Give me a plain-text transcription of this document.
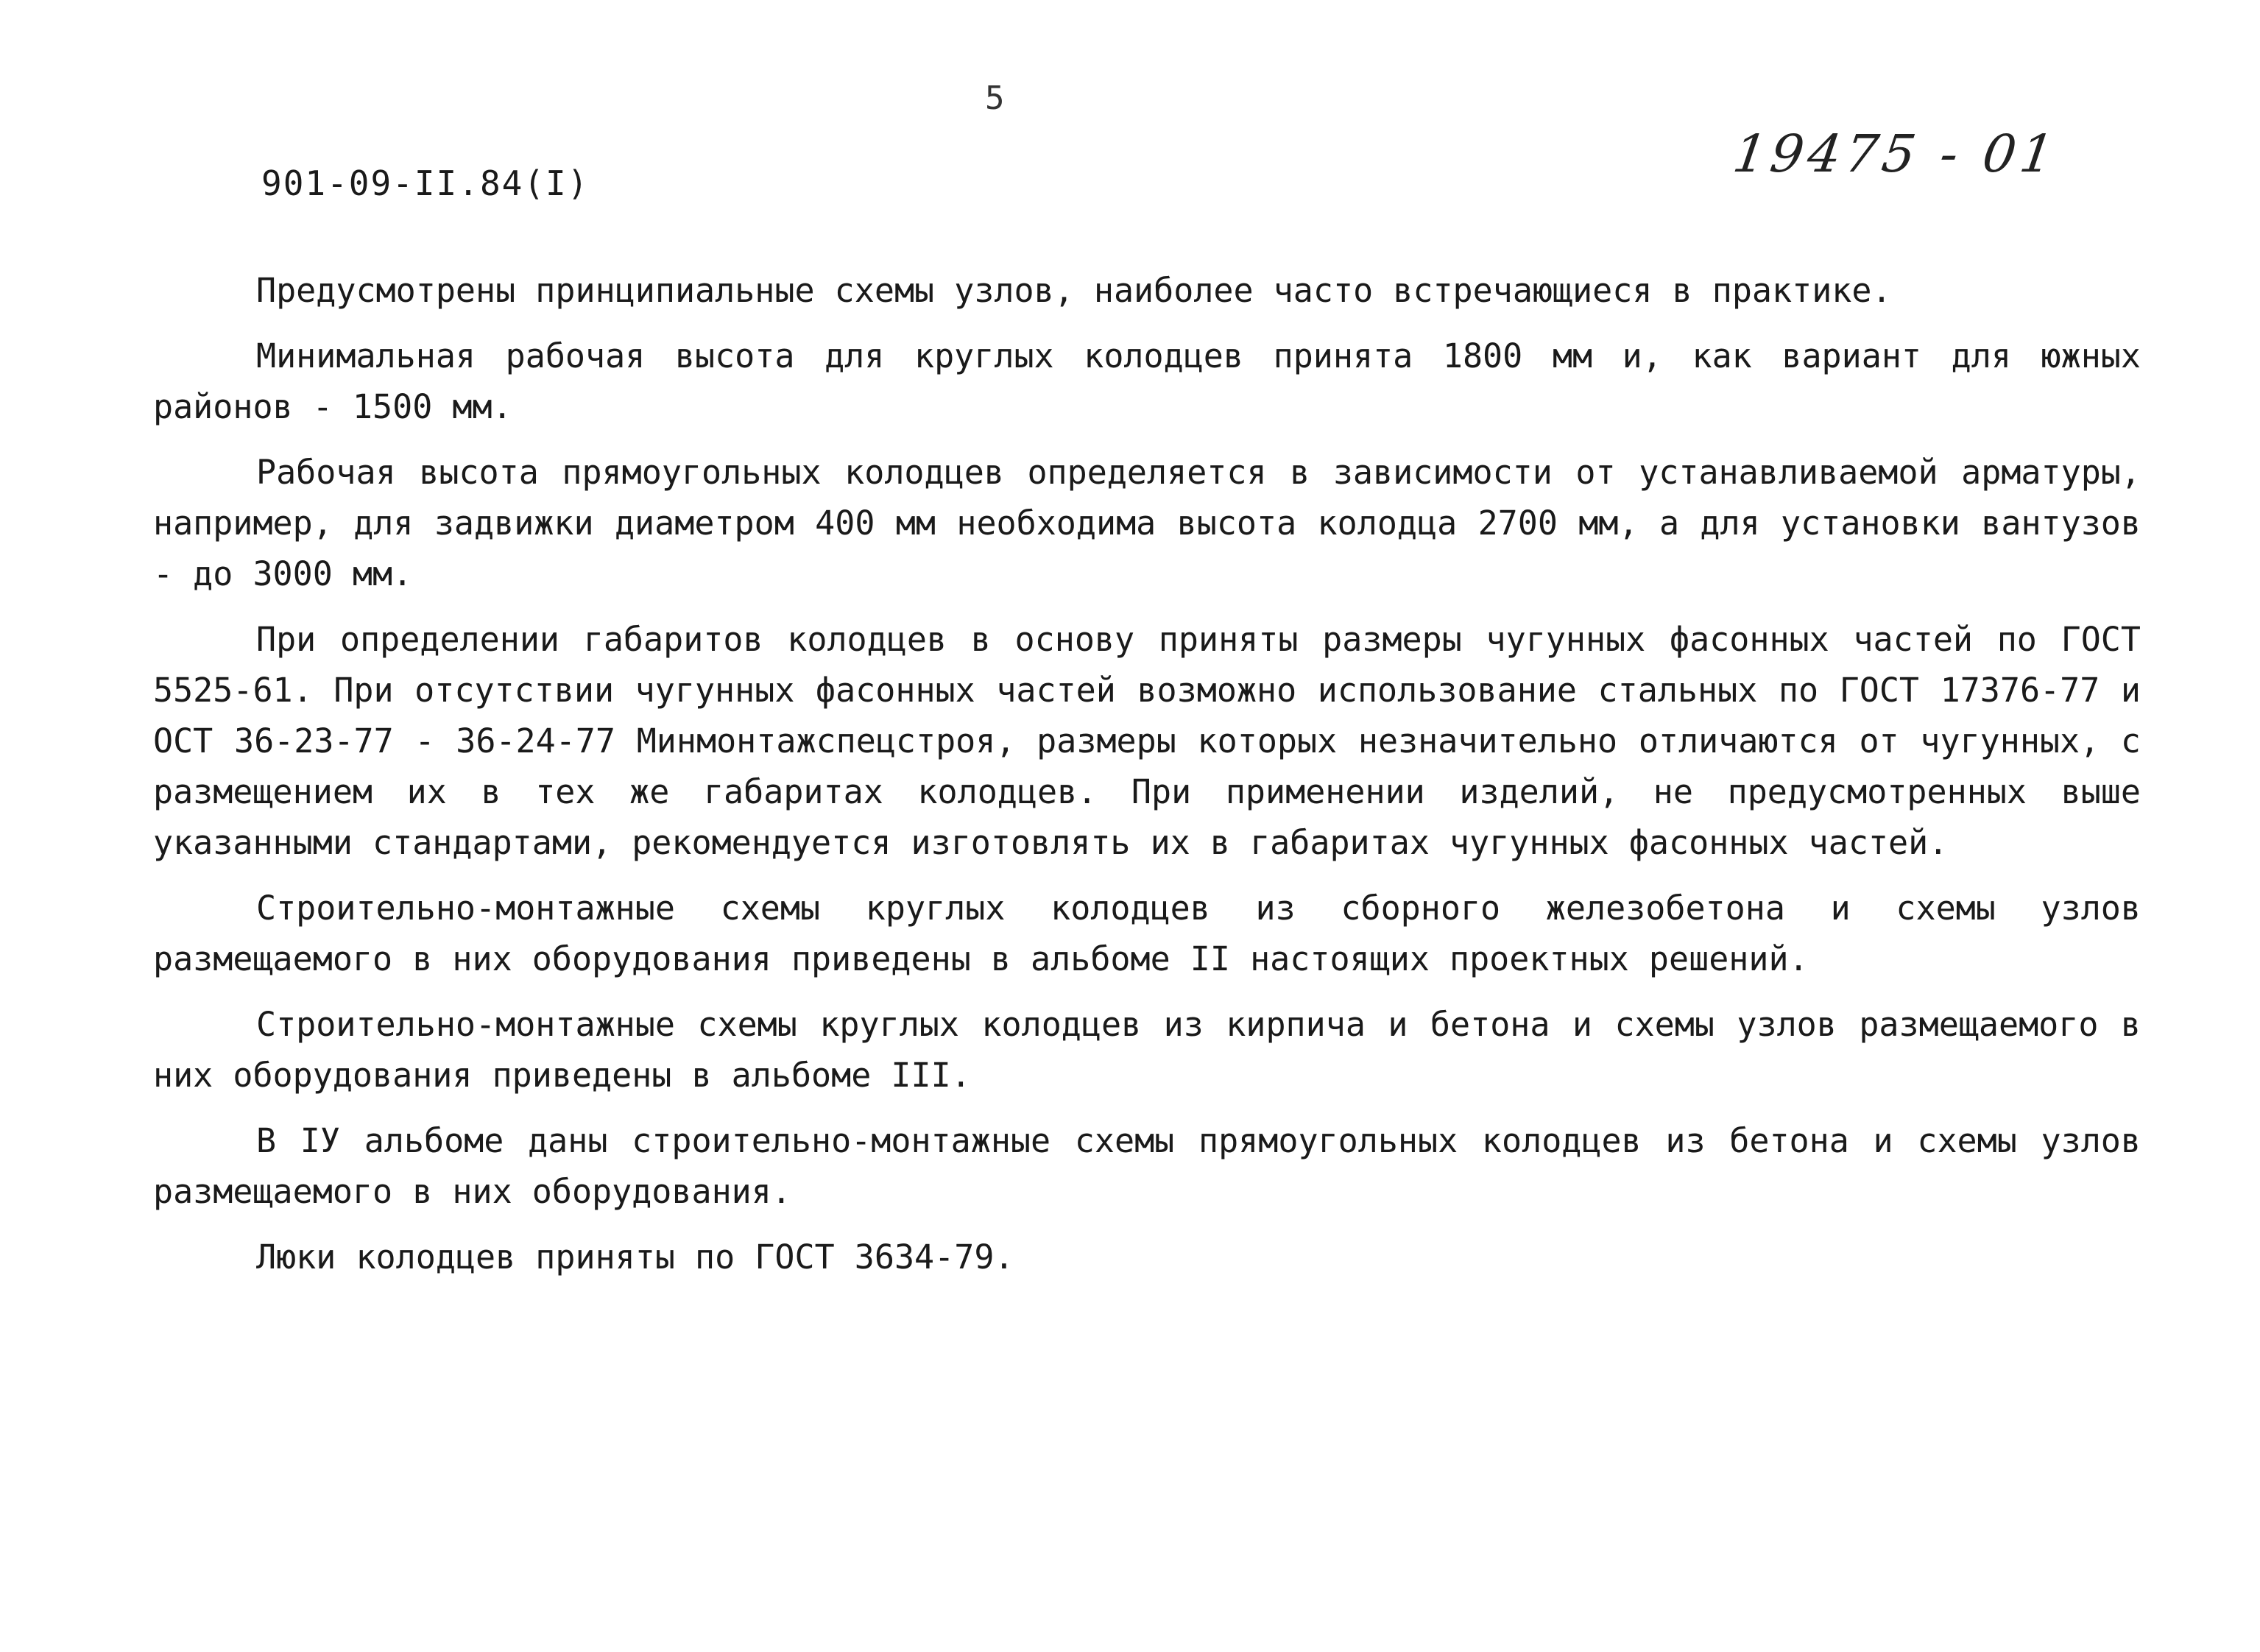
5
901-09-II.84(I)	19475 - 01

Предусмотрены принципиальные схемы узлов, наиболее часто встречающиеся в практике.

Минимальная рабочая высота для круглых колодцев принята 1800 мм и, как вариант для южных районов - 1500 мм.

Рабочая высота прямоугольных колодцев определяется в зависимости от устанавливаемой арматуры, например, для задвижки диаметром 400 мм необходима высота колодца 2700 мм, а для установки вантузов - до 3000 мм.

При определении габаритов колодцев в основу приняты размеры чугунных фасонных частей по ГОСТ 5525-61. При отсутствии чугунных фасонных частей возможно использование стальных по ГОСТ 17376-77 и ОСТ 36-23-77 - 36-24-77 Минмонтажспецстроя, размеры которых незначительно отличаются от чугунных, с размещением их в тех же габаритах колодцев. При применении изделий, не предусмотренных выше указанными стандартами, рекомендуется изготовлять их в габаритах чугунных фасонных частей.

Строительно-монтажные схемы круглых колодцев из сборного железобетона и схемы узлов размещаемого в них оборудования приведены в альбоме II настоящих проектных решений.

Строительно-монтажные схемы круглых колодцев из кирпича и бетона и схемы узлов размещаемого в них оборудования приведены в альбоме III.

В IУ альбоме даны строительно-монтажные схемы прямоугольных колодцев из бетона и схемы узлов размещаемого в них оборудования.

Люки колодцев приняты по ГОСТ 3634-79.
